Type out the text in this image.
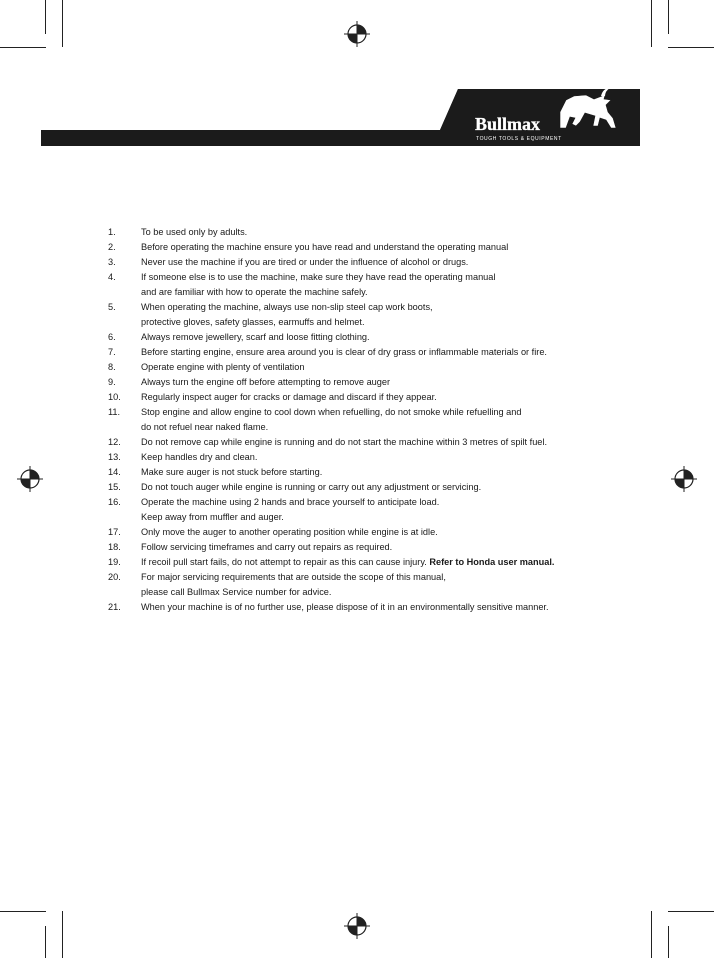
Bullmax
TOUGH TOOLS & EQUIPMENT
1.	To be used only by adults.
2.	Before operating the machine ensure you have read and understand the operating manual
3.	Never use the machine if you are tired or under the influence of alcohol or drugs.
4.	If someone else is to use the machine, make sure they have read the operating manual
and are familiar with how to operate the machine safely.
5.	When operating the machine, always use non-slip steel cap work boots,
protective gloves, safety glasses, earmuffs and helmet.
6.	Always remove jewellery, scarf and loose fitting clothing.
7.	Before starting engine, ensure area around you is clear of dry grass or inflammable materials or fire.
8.	Operate engine with plenty of ventilation
9.	Always turn the engine off before attempting to remove auger
10.	Regularly inspect auger for cracks or damage and discard if they appear.
11.	Stop engine and allow engine to cool down when refuelling, do not smoke while refuelling and
do not refuel near naked flame.
12.	Do not remove cap while engine is running and do not start the machine within 3 metres of spilt fuel.
13.	Keep handles dry and clean.
14.	Make sure auger is not stuck before starting.
15.	Do not touch auger while engine is running or carry out any adjustment or servicing.
16.	Operate the machine using 2 hands and brace yourself to anticipate load.
Keep away from muffler and auger.
17.	Only move the auger to another operating position while engine is at idle.
18.	Follow servicing timeframes and carry out repairs as required.
19.	If recoil pull start fails, do not attempt to repair as this can cause injury. Refer to Honda user manual.
20.	For major servicing requirements that are outside the scope of this manual,
please call Bullmax Service number for advice.
21.	When your machine is of no further use, please dispose of it in an environmentally sensitive manner.
